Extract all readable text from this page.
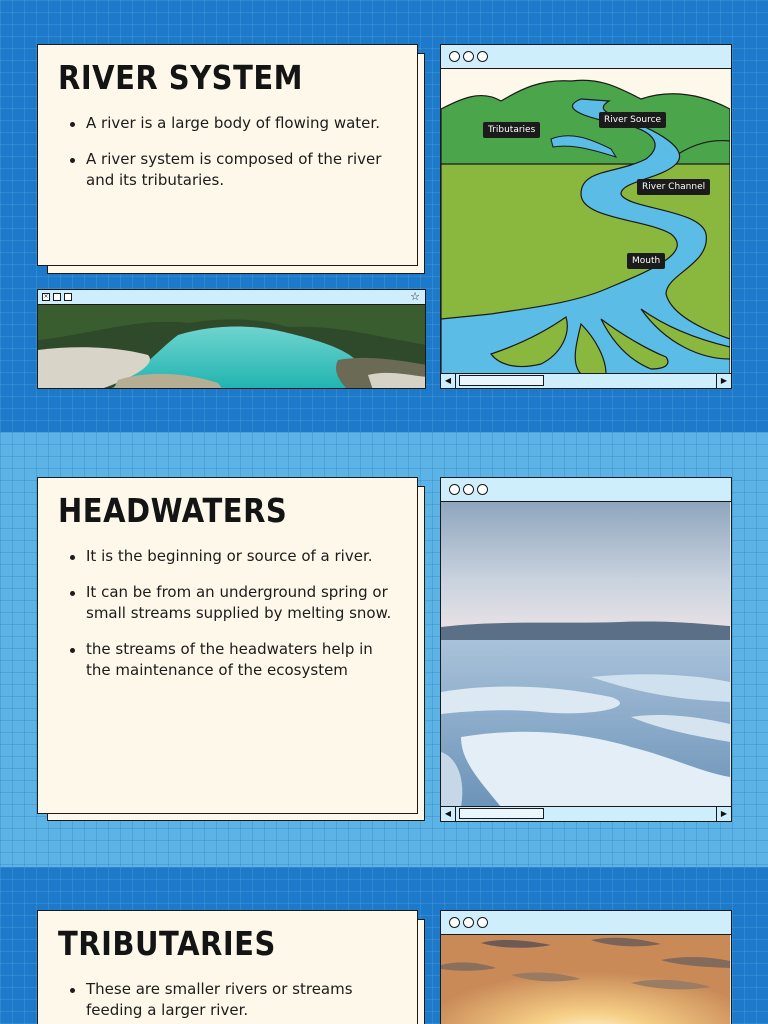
RIVER SYSTEM
A river is a large body of flowing water.
A river system is composed of the river and its tributaries.
×	☆
River Source
Tributaries
River Channel
Mouth
◀	▶
HEADWATERS
It is the beginning or source of a river.
It can be from an underground spring or small streams supplied by melting snow.
the streams of the headwaters help in the maintenance of the ecosystem
◀	▶
TRIBUTARIES
These are smaller rivers or streams feeding a larger river.
